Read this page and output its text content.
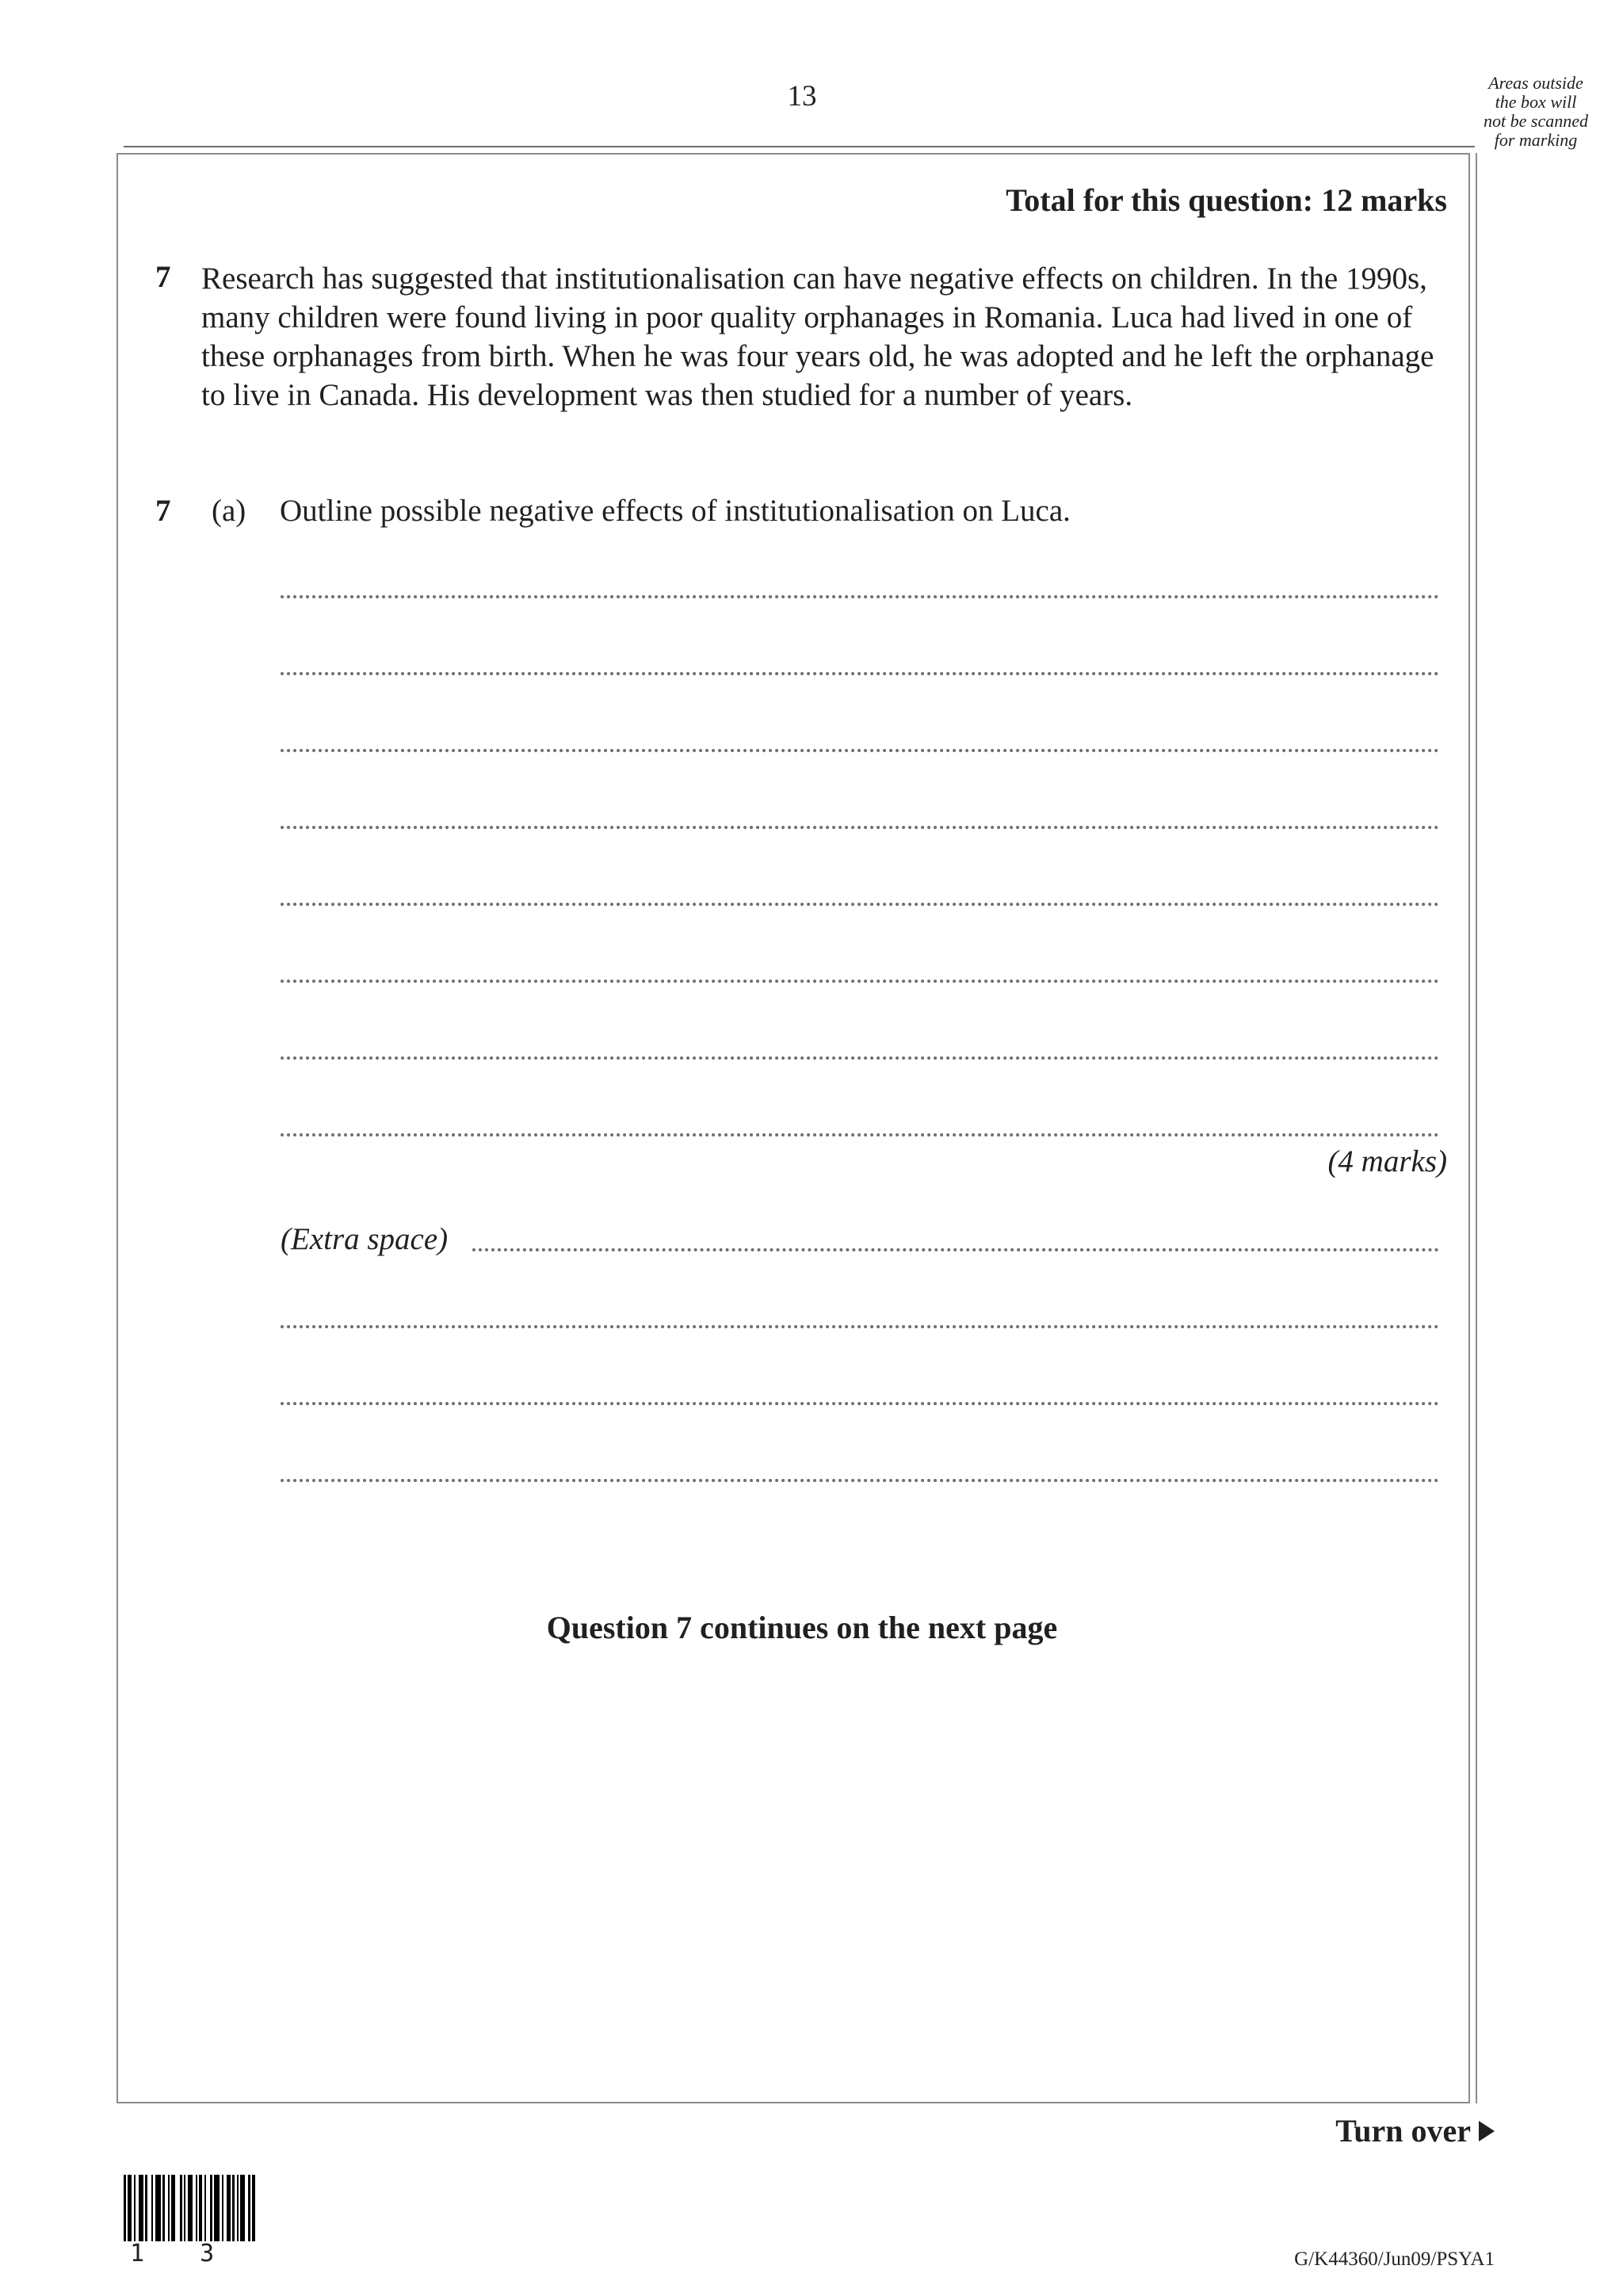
13	Areas outside
the box will
not be scanned
for marking
Total for this question: 12 marks
7 Research has suggested that institutionalisation can have negative effects on children. In the 1990s, many children were found living in poor quality orphanages in Romania. Luca had lived in one of these orphanages from birth. When he was four years old, he was adopted and he left the orphanage to live in Canada. His development was then studied for a number of years.
7 (a) Outline possible negative effects of institutionalisation on Luca.
(4 marks)
(Extra space)
Question 7 continues on the next page
Turn over
1 3	G/K44360/Jun09/PSYA1
